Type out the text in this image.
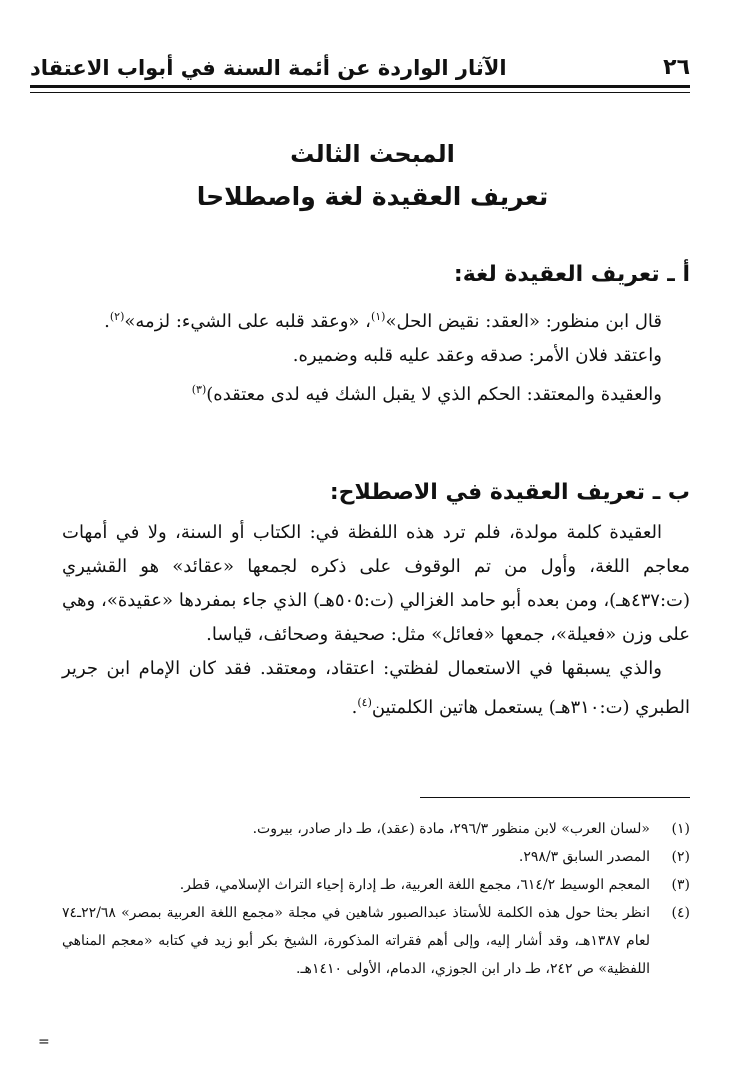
٢٦
الآثار الواردة عن أئمة السنة في أبواب الاعتقاد
المبحث الثالث
تعريف العقيدة لغة واصطلاحا
أ ـ تعريف العقيدة لغة:

قال ابن منظور: «العقد: نقيض الحل»$^{(١)}$، «وعقد قلبه على الشيء: لزمه»$^{(٢)}$.

واعتقد فلان الأمر: صدقه وعقد عليه قلبه وضميره.

والعقيدة والمعتقد: الحكم الذي لا يقبل الشك فيه لدى معتقده)$^{(٣)}$

ب ـ تعريف العقيدة في الاصطلاح:

العقيدة كلمة مولدة، فلم ترد هذه اللفظة في: الكتاب أو السنة، ولا في أمهات معاجم اللغة، وأول من تم الوقوف على ذكره لجمعها «عقائد» هو القشيري (ت:٤٣٧هـ)، ومن بعده أبو حامد الغزالي (ت:٥٠٥هـ) الذي جاء بمفردها «عقيدة»، وهي على وزن «فعيلة»، جمعها «فعائل» مثل: صحيفة وصحائف، قياسا.

والذي يسبقها في الاستعمال لفظتي: اعتقاد، ومعتقد. فقد كان الإمام ابن جرير الطبري (ت:٣١٠هـ) يستعمل هاتين الكلمتين$^{(٤)}$.

(١)
«لسان العرب» لابن منظور ٢٩٦/٣، مادة (عقد)، طـ دار صادر، بيروت.
(٢)
المصدر السابق ٢٩٨/٣.
(٣)
المعجم الوسيط ٦١٤/٢، مجمع اللغة العربية، طـ إدارة إحياء التراث الإسلامي، قطر.
(٤)
انظر بحثا حول هذه الكلمة للأستاذ عبدالصبور شاهين في مجلة «مجمع اللغة العربية بمصر» ٢٢/٦٨ـ٧٤ لعام ١٣٨٧هـ، وقد أشار إليه، وإلى أهم فقراته المذكورة، الشيخ بكر أبو زيد في كتابه «معجم المناهي اللفظية» ص ٢٤٢، طـ دار ابن الجوزي، الدمام، الأولى ١٤١٠هـ.
=
